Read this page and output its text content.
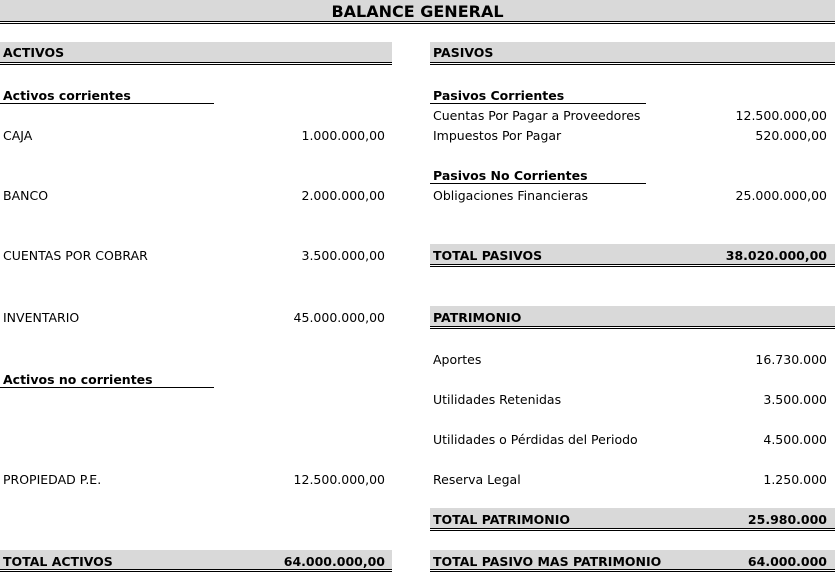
BALANCE GENERAL
ACTIVOS
Activos corrientes
CAJA	1.000.000,00
BANCO	2.000.000,00
CUENTAS POR COBRAR	3.500.000,00
INVENTARIO	45.000.000,00
Activos no corrientes
PROPIEDAD P.E.	12.500.000,00
TOTAL ACTIVOS	64.000.000,00
PASIVOS
Pasivos Corrientes
Cuentas Por Pagar a Proveedores	12.500.000,00
Impuestos Por Pagar	520.000,00
Pasivos No Corrientes
Obligaciones Financieras	25.000.000,00
TOTAL PASIVOS	38.020.000,00
PATRIMONIO
Aportes	16.730.000
Utilidades Retenidas	3.500.000
Utilidades o Pérdidas del Periodo	4.500.000
Reserva Legal	1.250.000
TOTAL PATRIMONIO	25.980.000
TOTAL PASIVO MAS PATRIMONIO	64.000.000
